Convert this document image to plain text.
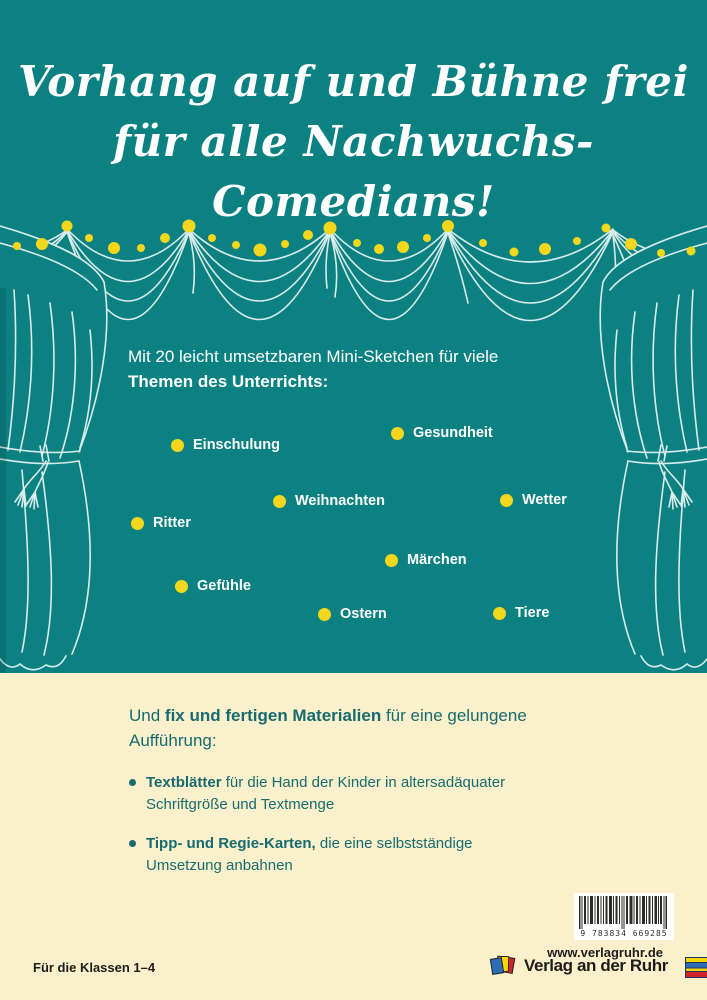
Vorhang auf und Bühne frei
für alle Nachwuchs-Comedians!
Mit 20 leicht umsetzbaren Mini-Sketchen für viele
Themen des Unterrichts:
Einschulung
Gesundheit
Weihnachten	Wetter
Ritter
Märchen
Gefühle
Ostern	Tiere
Und fix und fertigen Materialien für eine gelungene
Aufführung:
Textblätter für die Hand der Kinder in altersadäquater
Schriftgröße und Textmenge
Tipp- und Regie-Karten, die eine selbstständige
Umsetzung anbahnen
Für die Klassen 1–4
9 783834 669285
www.verlagruhr.de
Verlag an der Ruhr
